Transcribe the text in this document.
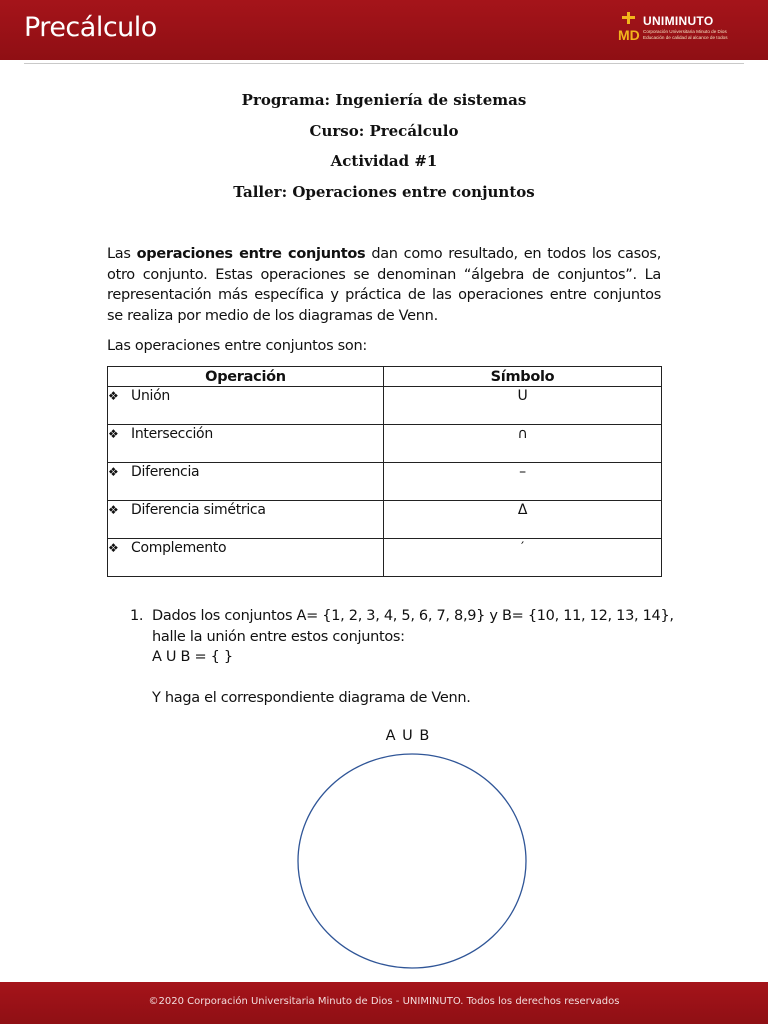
Precálculo	MD
UNIMINUTO
Corporación Universitaria Minuto de Dios
Educación de calidad al alcance de todos
Programa: Ingeniería de sistemas
Curso: Precálculo
Actividad #1
Taller: Operaciones entre conjuntos
Las operaciones entre conjuntos dan como resultado, en todos los casos, otro conjunto. Estas operaciones se denominan “álgebra de conjuntos”. La representación más específica y práctica de las operaciones entre conjuntos se realiza por medio de los diagramas de Venn.
Las operaciones entre conjuntos son:
Operación	Símbolo
❖ Unión	U
❖ Intersección	∩
❖ Diferencia	–
❖ Diferencia simétrica	Δ
❖ Complemento	′
1. Dados los conjuntos A= {1, 2, 3, 4, 5, 6, 7, 8,9} y B= {10, 11, 12, 13, 14},
halle la unión entre estos conjuntos:
A U B = { }
Y haga el correspondiente diagrama de Venn.
A U B
©2020 Corporación Universitaria Minuto de Dios - UNIMINUTO. Todos los derechos reservados
